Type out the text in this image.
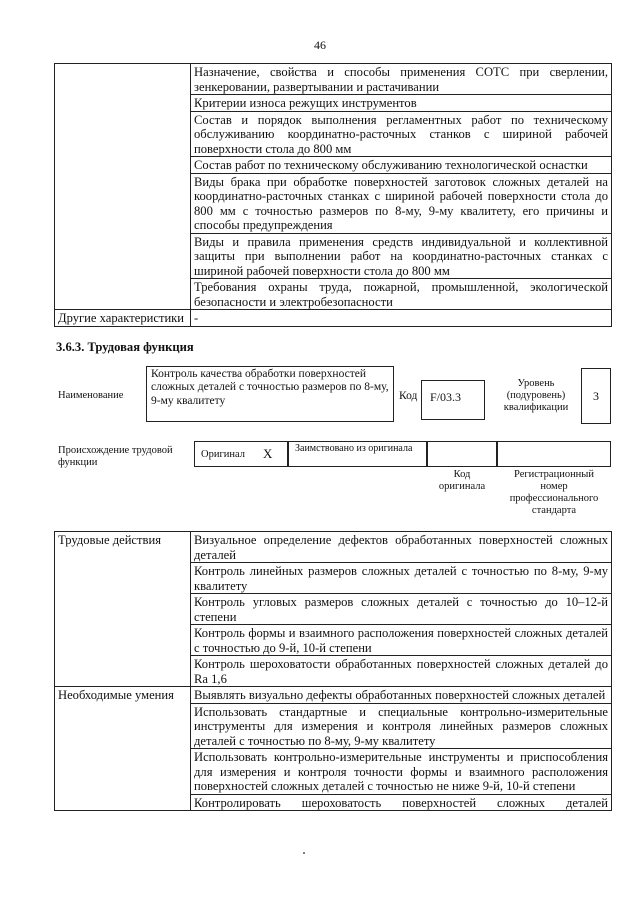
46
	Назначение, свойства и способы применения СОТС при сверлении, зенкеровании, развертывании и растачивании
	Критерии износа режущих инструментов
	Состав и порядок выполнения регламентных работ по техническому обслуживанию координатно-расточных станков с шириной рабочей поверхности стола до 800 мм
	Состав работ по техническому обслуживанию технологической оснастки
	Виды брака при обработке поверхностей заготовок сложных деталей на координатно-расточных станках с шириной рабочей поверхности стола до 800 мм с точностью размеров по 8-му, 9-му квалитету, его причины и способы предупреждения
	Виды и правила применения средств индивидуальной и коллективной защиты при выполнении работ на координатно-расточных станках с шириной рабочей поверхности стола до 800 мм
	Требования охраны труда, пожарной, промышленной, экологической безопасности и электробезопасности
Другие характеристики	-
3.6.3. Трудовая функция
Наименование
Контроль качества обработки поверхностей сложных деталей с точностью размеров по 8-му, 9-му квалитету	Код	F/03.3
Уровень (подуровень) квалификации
3
Происхождение трудовой функции
Оригинал X	Заимствовано из оригинала
Код оригинала
Регистрационный номер профессионального стандарта
Трудовые действия	Визуальное определение дефектов обработанных поверхностей сложных деталей
	Контроль линейных размеров сложных деталей с точностью по 8-му, 9-му квалитету
	Контроль угловых размеров сложных деталей с точностью до 10–12-й степени
	Контроль формы и взаимного расположения поверхностей сложных деталей с точностью до 9-й, 10-й степени
	Контроль шероховатости обработанных поверхностей сложных деталей до Ra 1,6
Необходимые умения	Выявлять визуально дефекты обработанных поверхностей сложных деталей
	Использовать стандартные и специальные контрольно-измерительные инструменты для измерения и контроля линейных размеров сложных деталей с точностью по 8-му, 9-му квалитету
	Использовать контрольно-измерительные инструменты и приспособления для измерения и контроля точности формы и взаимного расположения поверхностей сложных деталей с точностью не ниже 9-й, 10-й степени
	Контролировать шероховатость поверхностей сложных деталей
